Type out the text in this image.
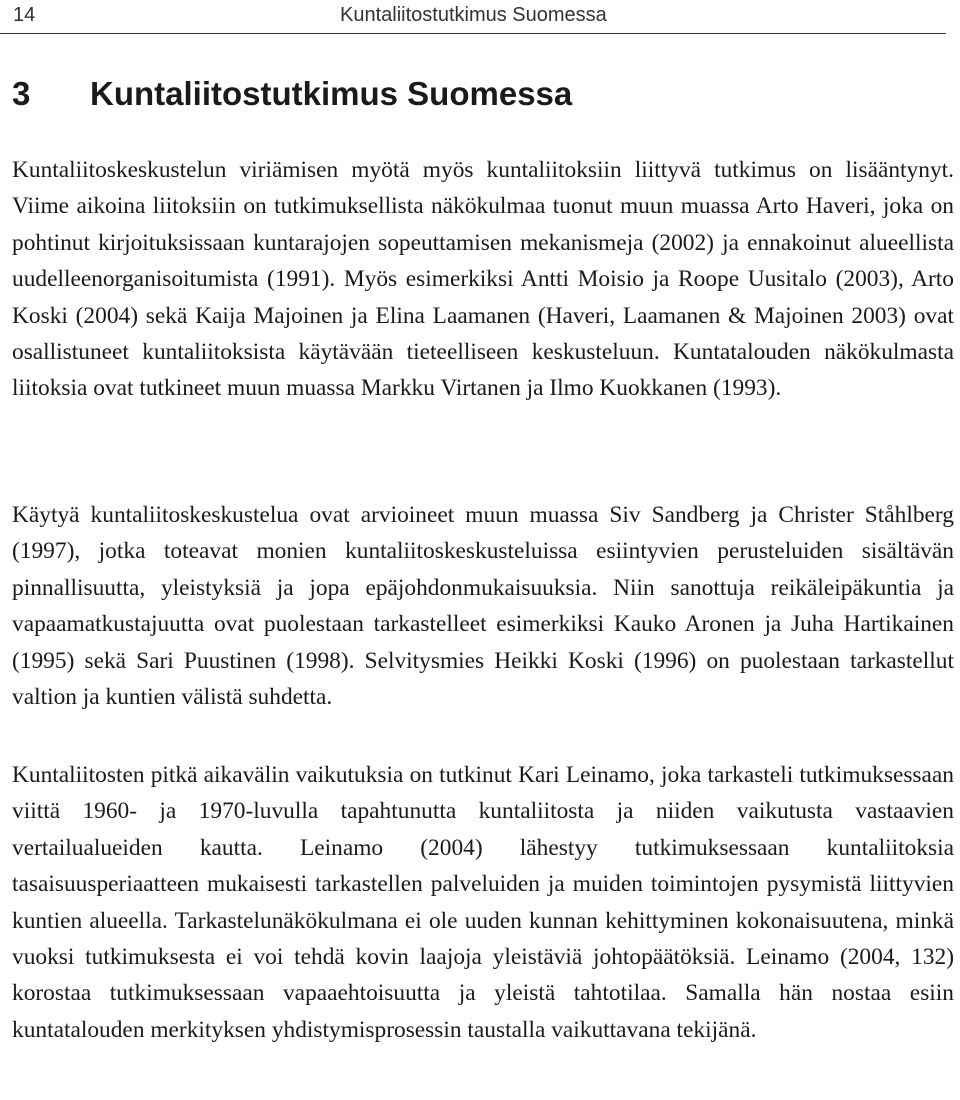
14	Kuntaliitostutkimus Suomessa
3 Kuntaliitostutkimus Suomessa

Kuntaliitoskeskustelun viriämisen myötä myös kuntaliitoksiin liittyvä tutkimus on lisääntynyt. Viime aikoina liitoksiin on tutkimuksellista näkökulmaa tuonut muun muassa Arto Haveri, joka on pohtinut kirjoituksissaan kuntarajojen sopeuttamisen mekanismeja (2002) ja ennakoinut alueellista uudelleenorganisoitumista (1991). Myös esimerkiksi Antti Moisio ja Roope Uusitalo (2003), Arto Koski (2004) sekä Kaija Majoinen ja Elina Laamanen (Haveri, Laamanen & Majoinen 2003) ovat osallistuneet kuntaliitoksista käytävään tieteelliseen keskusteluun. Kuntatalouden näkökulmasta liitoksia ovat tutkineet muun muassa Markku Virtanen ja Ilmo Kuokkanen (1993).

Käytyä kuntaliitoskeskustelua ovat arvioineet muun muassa Siv Sandberg ja Christer Ståhlberg (1997), jotka toteavat monien kuntaliitoskeskusteluissa esiintyvien perusteluiden sisältävän pinnallisuutta, yleistyksiä ja jopa epäjohdonmukaisuuksia. Niin sanottuja reikäleipäkuntia ja vapaamatkustajuutta ovat puolestaan tarkastelleet esimerkiksi Kauko Aronen ja Juha Hartikainen (1995) sekä Sari Puustinen (1998). Selvitysmies Heikki Koski (1996) on puolestaan tarkastellut valtion ja kuntien välistä suhdetta.

Kuntaliitosten pitkä aikavälin vaikutuksia on tutkinut Kari Leinamo, joka tarkasteli tutkimuksessaan viittä 1960- ja 1970-luvulla tapahtunutta kuntaliitosta ja niiden vaikutusta vastaavien vertailualueiden kautta. Leinamo (2004) lähestyy tutkimuksessaan kuntaliitoksia tasaisuusperiaatteen mukaisesti tarkastellen palveluiden ja muiden toimintojen pysymistä liittyvien kuntien alueella. Tarkastelunäkökulmana ei ole uuden kunnan kehittyminen kokonaisuutena, minkä vuoksi tutkimuksesta ei voi tehdä kovin laajoja yleistäviä johtopäätöksiä. Leinamo (2004, 132) korostaa tutkimuksessaan vapaaehtoisuutta ja yleistä tahtotilaa. Samalla hän nostaa esiin kuntatalouden merkityksen yhdistymisprosessin taustalla vaikuttavana tekijänä.
